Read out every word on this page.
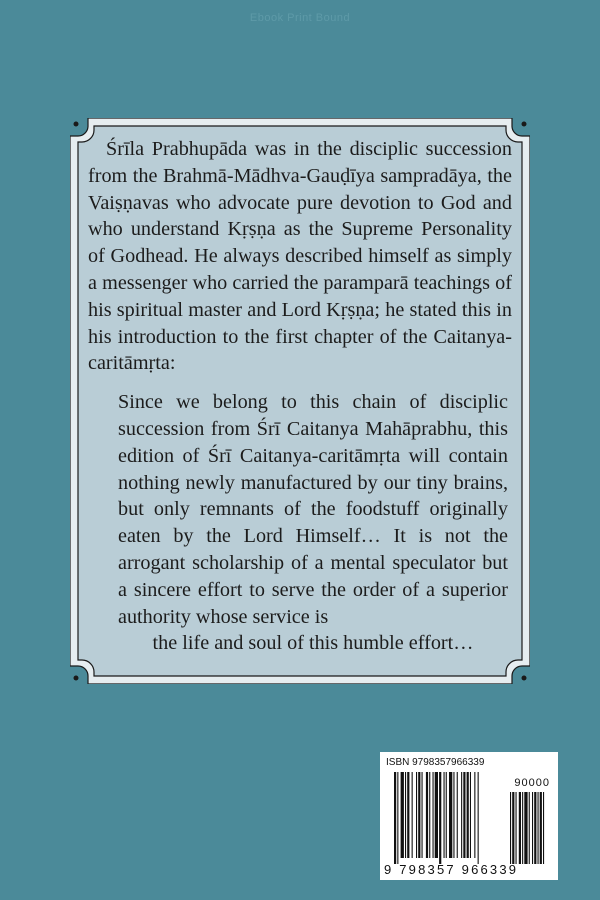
Ebook Print Bound

Śrīla Prabhupāda was in the disciplic succession from the Brahmā-Mādhva-Gauḍīya sampradāya, the Vaiṣṇavas who advocate pure devotion to God and who understand Kṛṣṇa as the Supreme Personality of Godhead. He always described himself as simply a messenger who carried the paramparā teachings of his spiritual master and Lord Kṛṣṇa; he stated this in his introduction to the first chapter of the Caitanya-caritāmṛta:

Since we belong to this chain of disciplic succession from Śrī Caitanya Mahāprabhu, this edition of Śrī Caitanya-caritāmṛta will contain nothing newly manufactured by our tiny brains, but only remnants of the foodstuff originally eaten by the Lord Himself… It is not the arrogant scholarship of a mental speculator but a sincere effort to serve the order of a superior authority whose service is
the life and soul of this humble effort…
ISBN 9798357966339
90000
9 798357 966339
